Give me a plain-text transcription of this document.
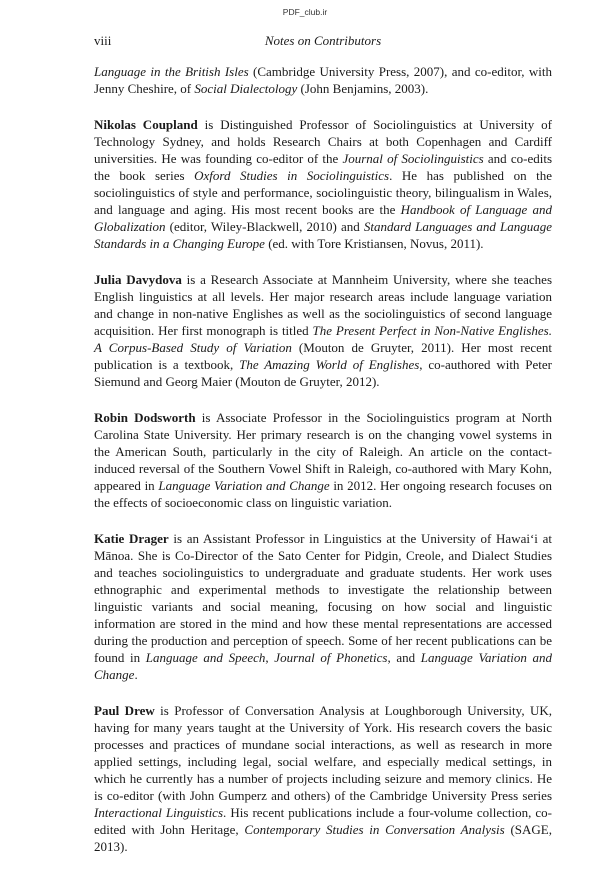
PDF_club.ir
viii	Notes on Contributors

Language in the British Isles (Cambridge University Press, 2007), and co-editor, with Jenny Cheshire, of Social Dialectology (John Benjamins, 2003).

Nikolas Coupland is Distinguished Professor of Sociolinguistics at University of Technology Sydney, and holds Research Chairs at both Copenhagen and Cardiff universities. He was founding co-editor of the Journal of Sociolinguistics and co-edits the book series Oxford Studies in Sociolinguistics. He has published on the sociolinguistics of style and performance, sociolinguistic theory, bilingualism in Wales, and language and aging. His most recent books are the Handbook of Language and Globalization (editor, Wiley-Blackwell, 2010) and Standard Languages and Language Standards in a Changing Europe (ed. with Tore Kristiansen, Novus, 2011).

Julia Davydova is a Research Associate at Mannheim University, where she teaches English linguistics at all levels. Her major research areas include language variation and change in non-native Englishes as well as the sociolinguistics of second language acquisition. Her first monograph is titled The Present Perfect in Non-Native Englishes. A Corpus-Based Study of Variation (Mouton de Gruyter, 2011). Her most recent publication is a textbook, The Amazing World of Englishes, co-authored with Peter Siemund and Georg Maier (Mouton de Gruyter, 2012).

Robin Dodsworth is Associate Professor in the Sociolinguistics program at North Carolina State University. Her primary research is on the changing vowel systems in the American South, particularly in the city of Raleigh. An article on the contact-induced reversal of the Southern Vowel Shift in Raleigh, co-authored with Mary Kohn, appeared in Language Variation and Change in 2012. Her ongoing research focuses on the effects of socioeconomic class on linguistic variation.

Katie Drager is an Assistant Professor in Linguistics at the University of Hawai‘i at Mānoa. She is Co-Director of the Sato Center for Pidgin, Creole, and Dialect Studies and teaches sociolinguistics to undergraduate and graduate students. Her work uses ethnographic and experimental methods to investigate the relationship between linguistic variants and social meaning, focusing on how social and linguistic information are stored in the mind and how these mental representations are accessed during the production and perception of speech. Some of her recent publications can be found in Language and Speech, Journal of Phonetics, and Language Variation and Change.

Paul Drew is Professor of Conversation Analysis at Loughborough University, UK, having for many years taught at the University of York. His research covers the basic processes and practices of mundane social interactions, as well as research in more applied settings, including legal, social welfare, and especially medical settings, in which he currently has a number of projects including seizure and memory clinics. He is co-editor (with John Gumperz and others) of the Cambridge University Press series Interactional Linguistics. His recent publications include a four-volume collection, co-edited with John Heritage, Contemporary Studies in Conversation Analysis (SAGE, 2013).
